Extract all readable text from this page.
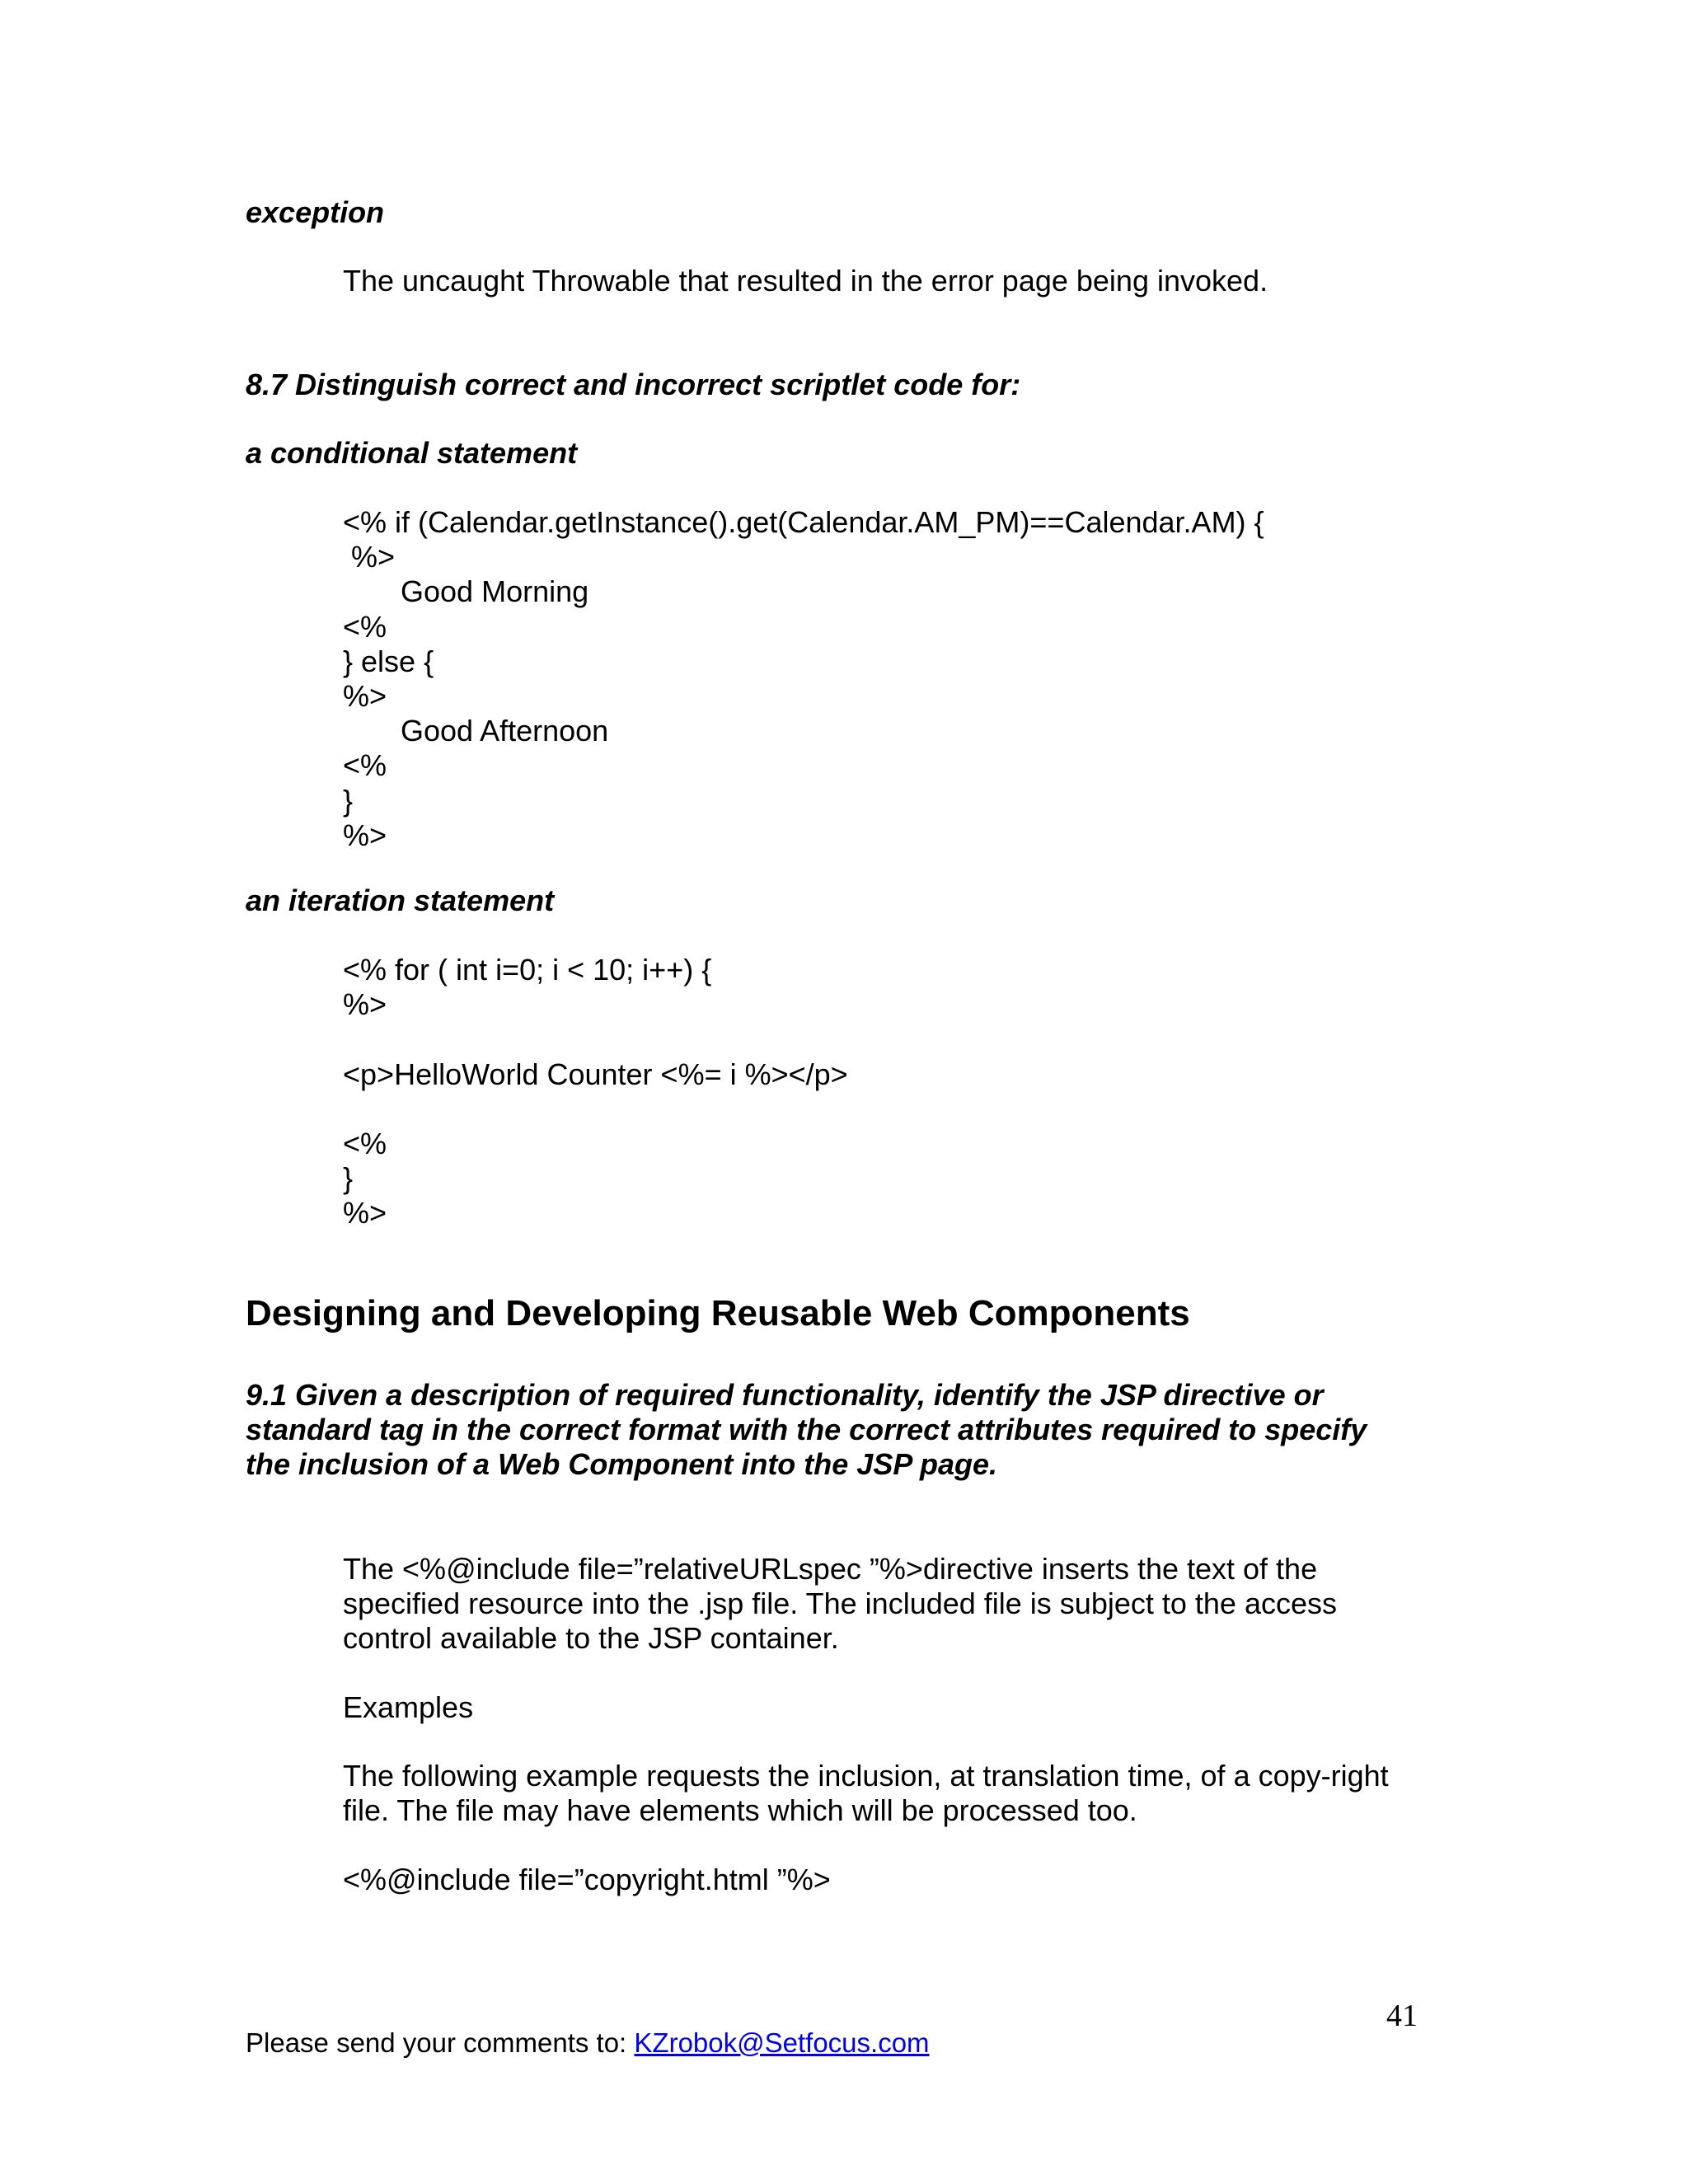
exception

The uncaught Throwable that resulted in the error page being invoked.

8.7 Distinguish correct and incorrect scriptlet code for:

a conditional statement

<% if (Calendar.getInstance().get(Calendar.AM_PM)==Calendar.AM) {
%>
Good Morning
<%
} else {
%>
Good Afternoon
<%
}
%>

an iteration statement

<% for ( int i=0; i < 10; i++) {
%>

<p>HelloWorld Counter <%= i %></p>

<%
}
%>
Designing and Developing Reusable Web Components

9.1 Given a description of required functionality, identify the JSP directive or
standard tag in the correct format with the correct attributes required to specify
the inclusion of a Web Component into the JSP page.

The <%@include file=”relativeURLspec ”%>directive inserts the text of the
specified resource into the .jsp file. The included file is subject to the access
control available to the JSP container.

Examples

The following example requests the inclusion, at translation time, of a copy-right
file. The file may have elements which will be processed too.

<%@include file=”copyright.html ”%>

41
Please send your comments to: KZrobok@Setfocus.com
